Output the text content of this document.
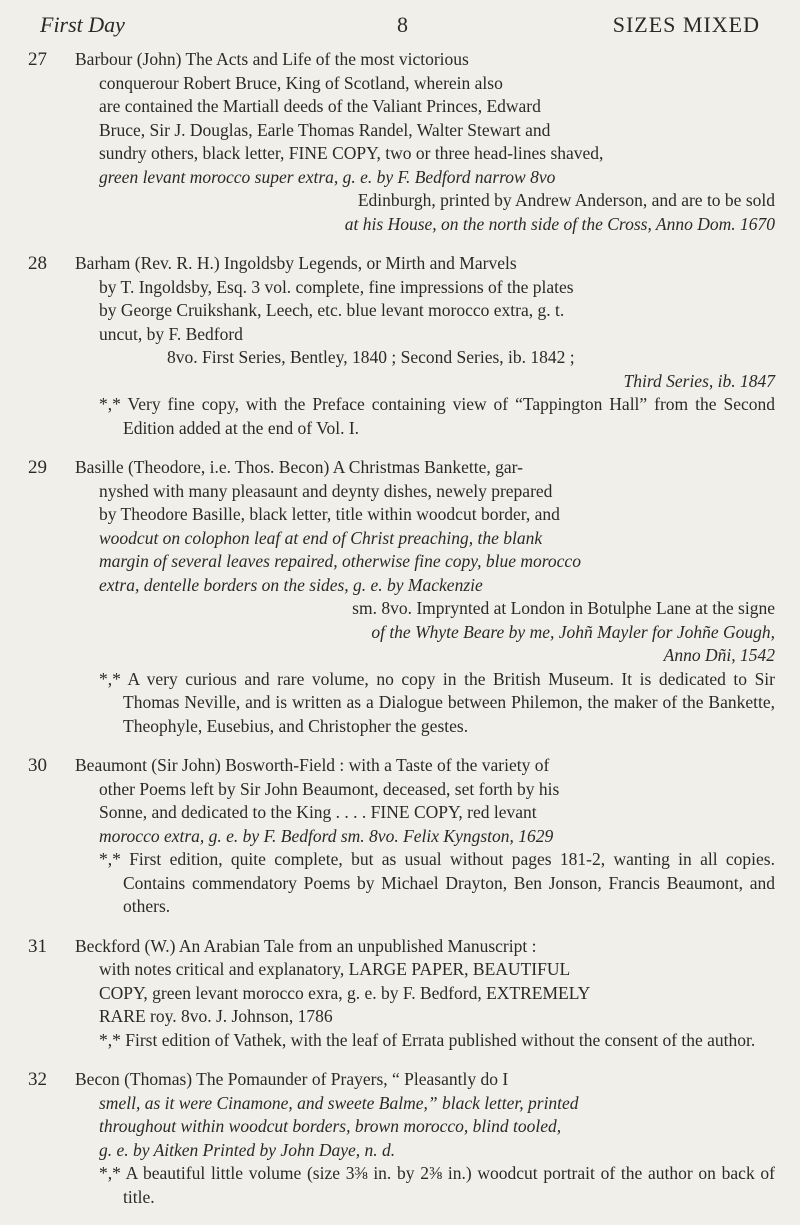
First Day	8	SIZES MIXED
27	Barbour (John) The Acts and Life of the most victorious
conquerour Robert Bruce, King of Scotland, wherein also
are contained the Martiall deeds of the Valiant Princes, Edward
Bruce, Sir J. Douglas, Earle Thomas Randel, Walter Stewart and
sundry others, black letter, FINE COPY, two or three head-lines shaved,
green levant morocco super extra, g. e. by F. Bedford narrow 8vo
Edinburgh, printed by Andrew Anderson, and are to be sold
at his House, on the north side of the Cross, Anno Dom. 1670
28	Barham (Rev. R. H.) Ingoldsby Legends, or Mirth and Marvels
by T. Ingoldsby, Esq. 3 vol. complete, fine impressions of the plates
by George Cruikshank, Leech, etc. blue levant morocco extra, g. t.
uncut, by F. Bedford
8vo. First Series, Bentley, 1840 ; Second Series, ib. 1842 ;
Third Series, ib. 1847
*,* Very fine copy, with the Preface containing view of “Tappington Hall” from the Second Edition added at the end of Vol. I.
29	Basille (Theodore, i.e. Thos. Becon) A Christmas Bankette, gar-
nyshed with many pleasaunt and deynty dishes, newely prepared
by Theodore Basille, black letter, title within woodcut border, and
woodcut on colophon leaf at end of Christ preaching, the blank
margin of several leaves repaired, otherwise fine copy, blue morocco
extra, dentelle borders on the sides, g. e. by Mackenzie
sm. 8vo. Imprynted at London in Botulphe Lane at the signe
of the Whyte Beare by me, Johñ Mayler for Johñe Gough,
Anno Dñi, 1542
*,* A very curious and rare volume, no copy in the British Museum. It is dedicated to Sir Thomas Neville, and is written as a Dialogue between Philemon, the maker of the Bankette, Theophyle, Eusebius, and Christopher the gestes.
30	Beaumont (Sir John) Bosworth-Field : with a Taste of the variety of
other Poems left by Sir John Beaumont, deceased, set forth by his
Sonne, and dedicated to the King . . . . FINE COPY, red levant
morocco extra, g. e. by F. Bedford sm. 8vo. Felix Kyngston, 1629
*,* First edition, quite complete, but as usual without pages 181-2, wanting in all copies. Contains commendatory Poems by Michael Drayton, Ben Jonson, Francis Beaumont, and others.
31	Beckford (W.) An Arabian Tale from an unpublished Manuscript :
with notes critical and explanatory, LARGE PAPER, BEAUTIFUL
COPY, green levant morocco exra, g. e. by F. Bedford, EXTREMELY
RARE roy. 8vo. J. Johnson, 1786
*,* First edition of Vathek, with the leaf of Errata published without the consent of the author.
32	Becon (Thomas) The Pomaunder of Prayers, “ Pleasantly do I
smell, as it were Cinamone, and sweete Balme,” black letter, printed
throughout within woodcut borders, brown morocco, blind tooled,
g. e. by Aitken Printed by John Daye, n. d.
*,* A beautiful little volume (size 3⅜ in. by 2⅜ in.) woodcut portrait of the author on back of title.
